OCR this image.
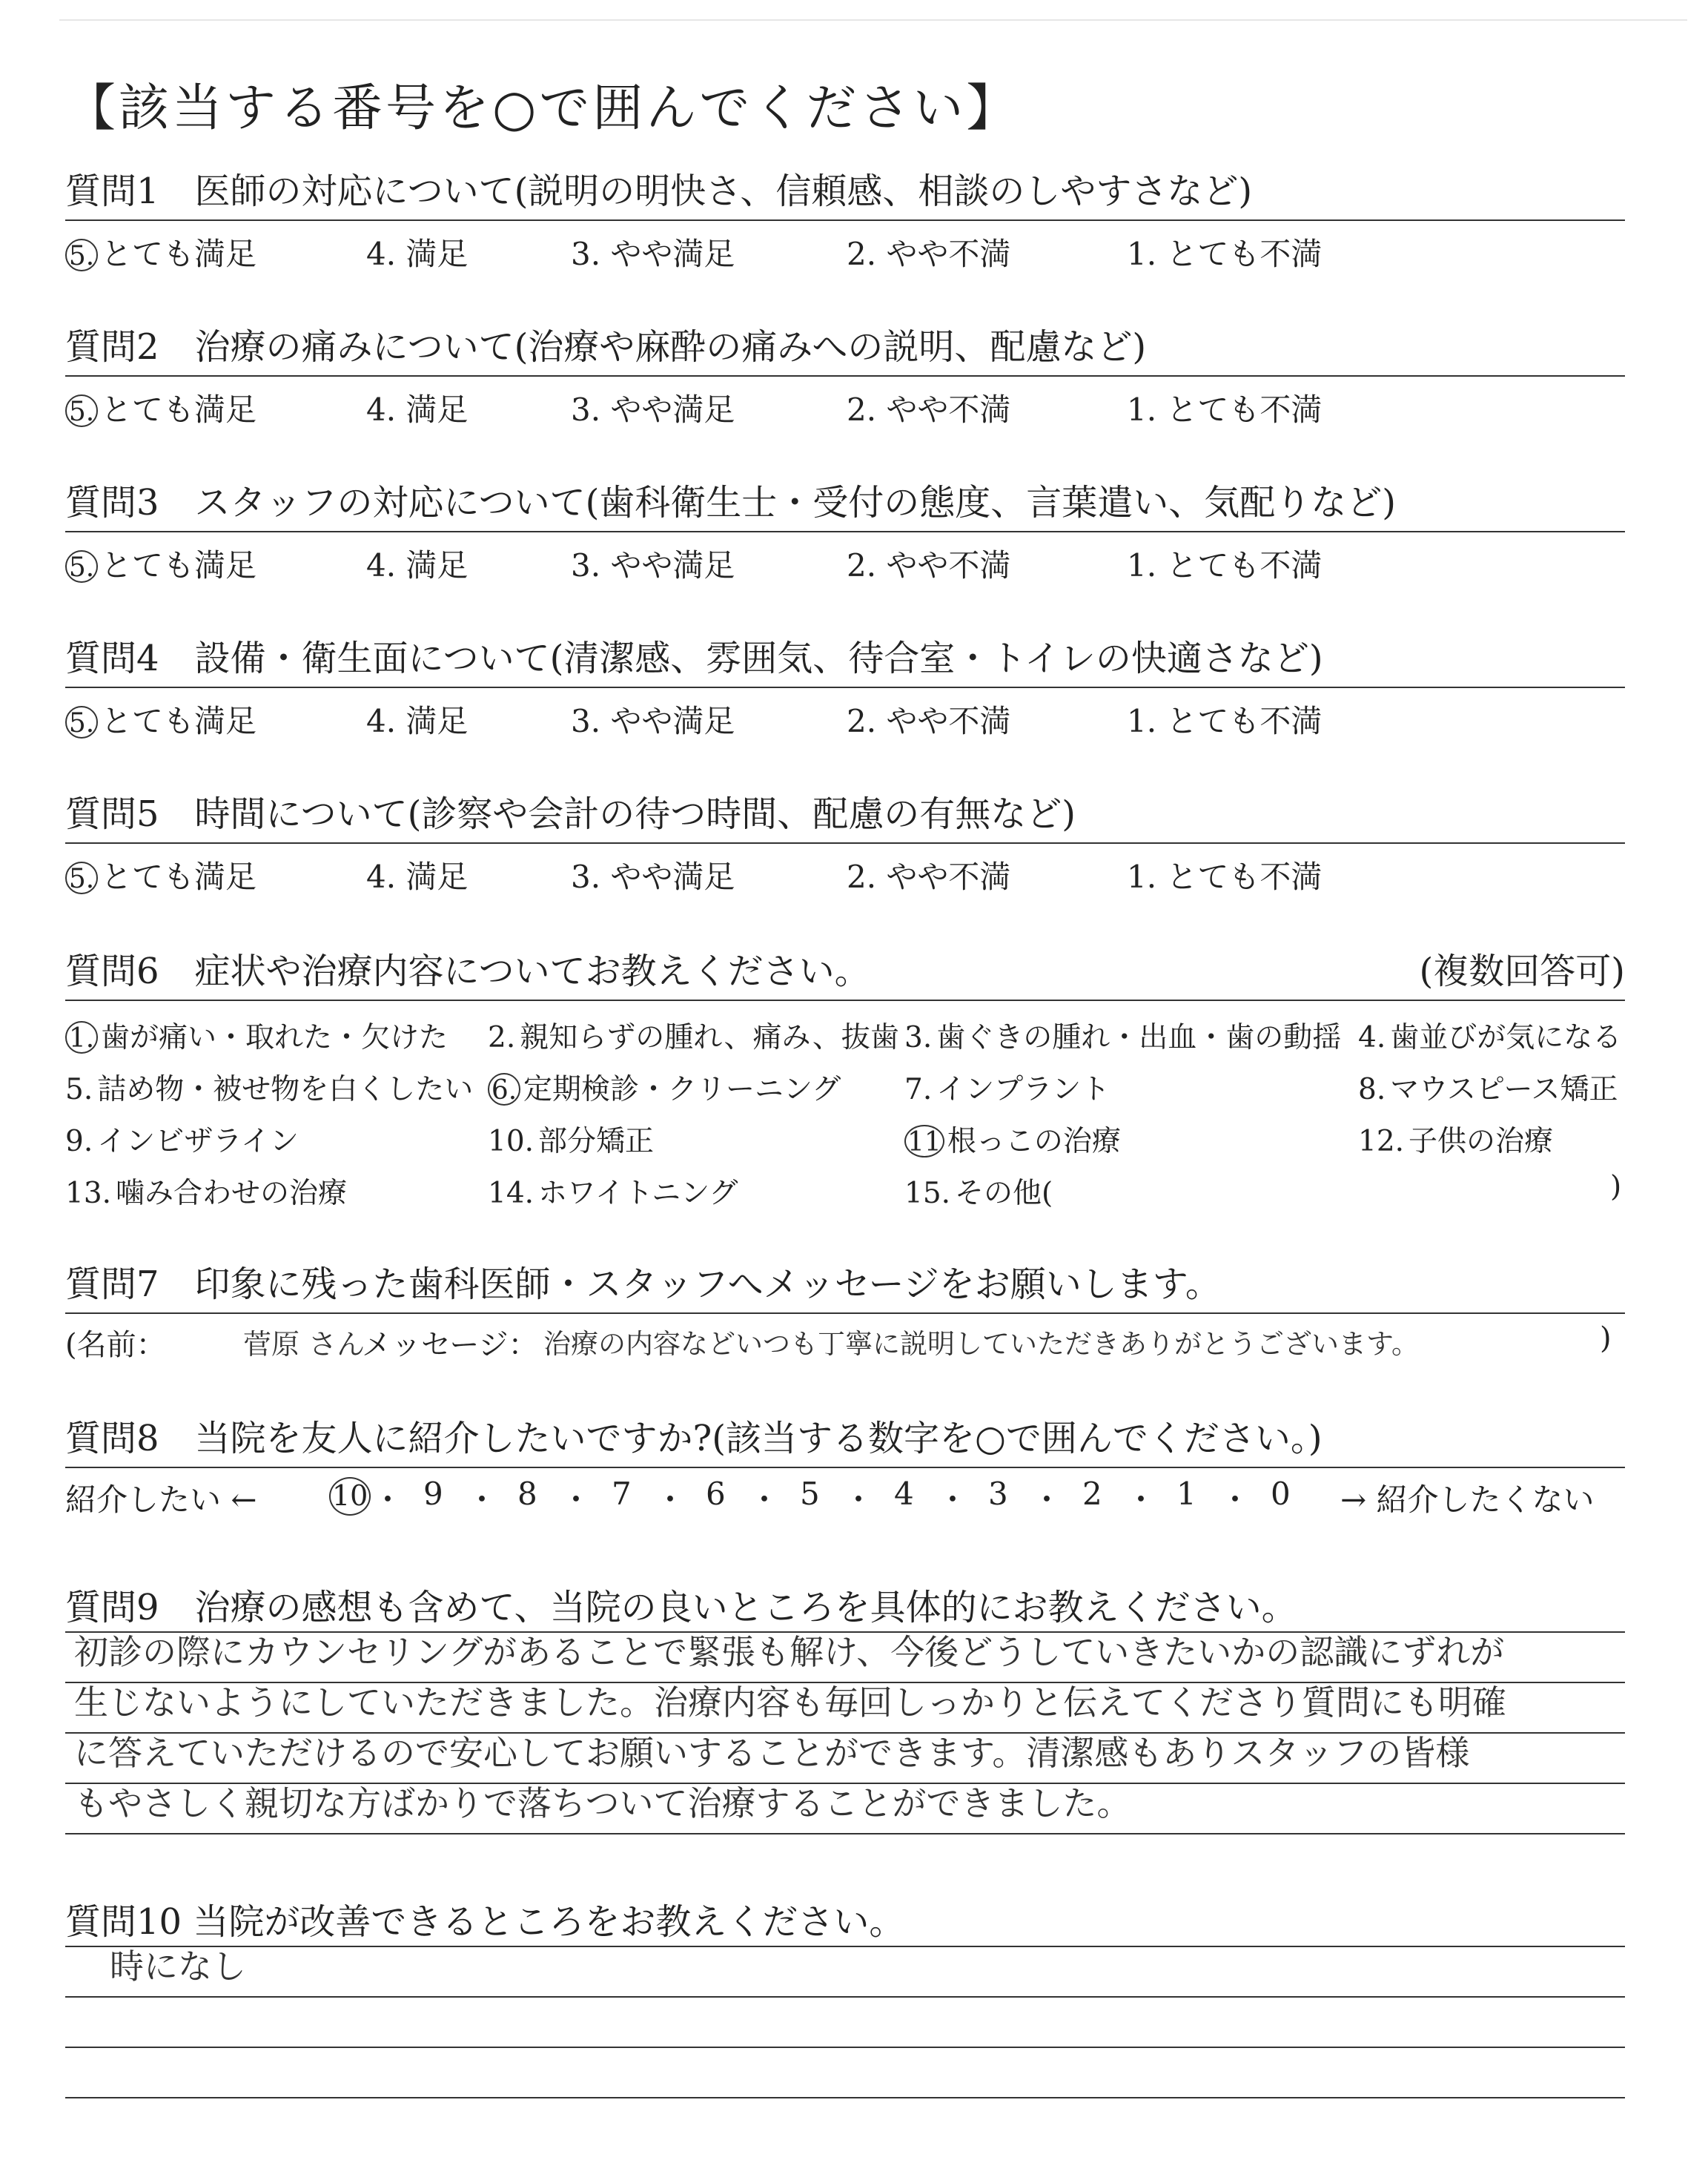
【該当する番号を○で囲んでください】
質問1　医師の対応について(説明の明快さ、信頼感、相談のしやすさなど)
5. とても満足	4. 満足	3. やや満足	2. やや不満	1. とても不満
質問2　治療の痛みについて(治療や麻酔の痛みへの説明、配慮など)
5. とても満足	4. 満足	3. やや満足	2. やや不満	1. とても不満
質問3　スタッフの対応について(歯科衛生士・受付の態度、言葉遣い、気配りなど)
5. とても満足	4. 満足	3. やや満足	2. やや不満	1. とても不満
質問4　設備・衛生面について(清潔感、雰囲気、待合室・トイレの快適さなど)
5. とても満足	4. 満足	3. やや満足	2. やや不満	1. とても不満
質問5　時間について(診察や会計の待つ時間、配慮の有無など)
5. とても満足	4. 満足	3. やや満足	2. やや不満	1. とても不満
質問6　症状や治療内容についてお教えください。	(複数回答可)
1. 歯が痛い・取れた・欠けた 2. 親知らずの腫れ、痛み、抜歯 3. 歯ぐきの腫れ・出血・歯の動揺 4. 歯並びが気になる
5. 詰め物・被せ物を白くしたい 6. 定期検診・クリーニング 7. インプラント	8. マウスピース矯正
9. インビザライン	10. 部分矯正	11 根っこの治療	12. 子供の治療
13. 噛み合わせの治療	14. ホワイトニング	15. その他(	)
質問7　印象に残った歯科医師・スタッフへメッセージをお願いします。
(名前：	菅原 さん
メッセージ： 治療の内容などいつも丁寧に説明していただきありがとうございます。	)
質問8　当院を友人に紹介したいですか?(該当する数字を○で囲んでください。)
紹介したい ←	→ 紹介したくない
10 ・ 9 ・ 8 ・ 7 ・ 6 ・ 5 ・ 4 ・ 3 ・ 2 ・ 1 ・ 0
質問9　治療の感想も含めて、当院の良いところを具体的にお教えください。
初診の際にカウンセリングがあることで緊張も解け、今後どうしていきたいかの認識にずれが
生じないようにしていただきました。治療内容も毎回しっかりと伝えてくださり質問にも明確
に答えていただけるので安心してお願いすることができます。清潔感もありスタッフの皆様
もやさしく親切な方ばかりで落ちついて治療することができました。
質問10 当院が改善できるところをお教えください。
時になし
